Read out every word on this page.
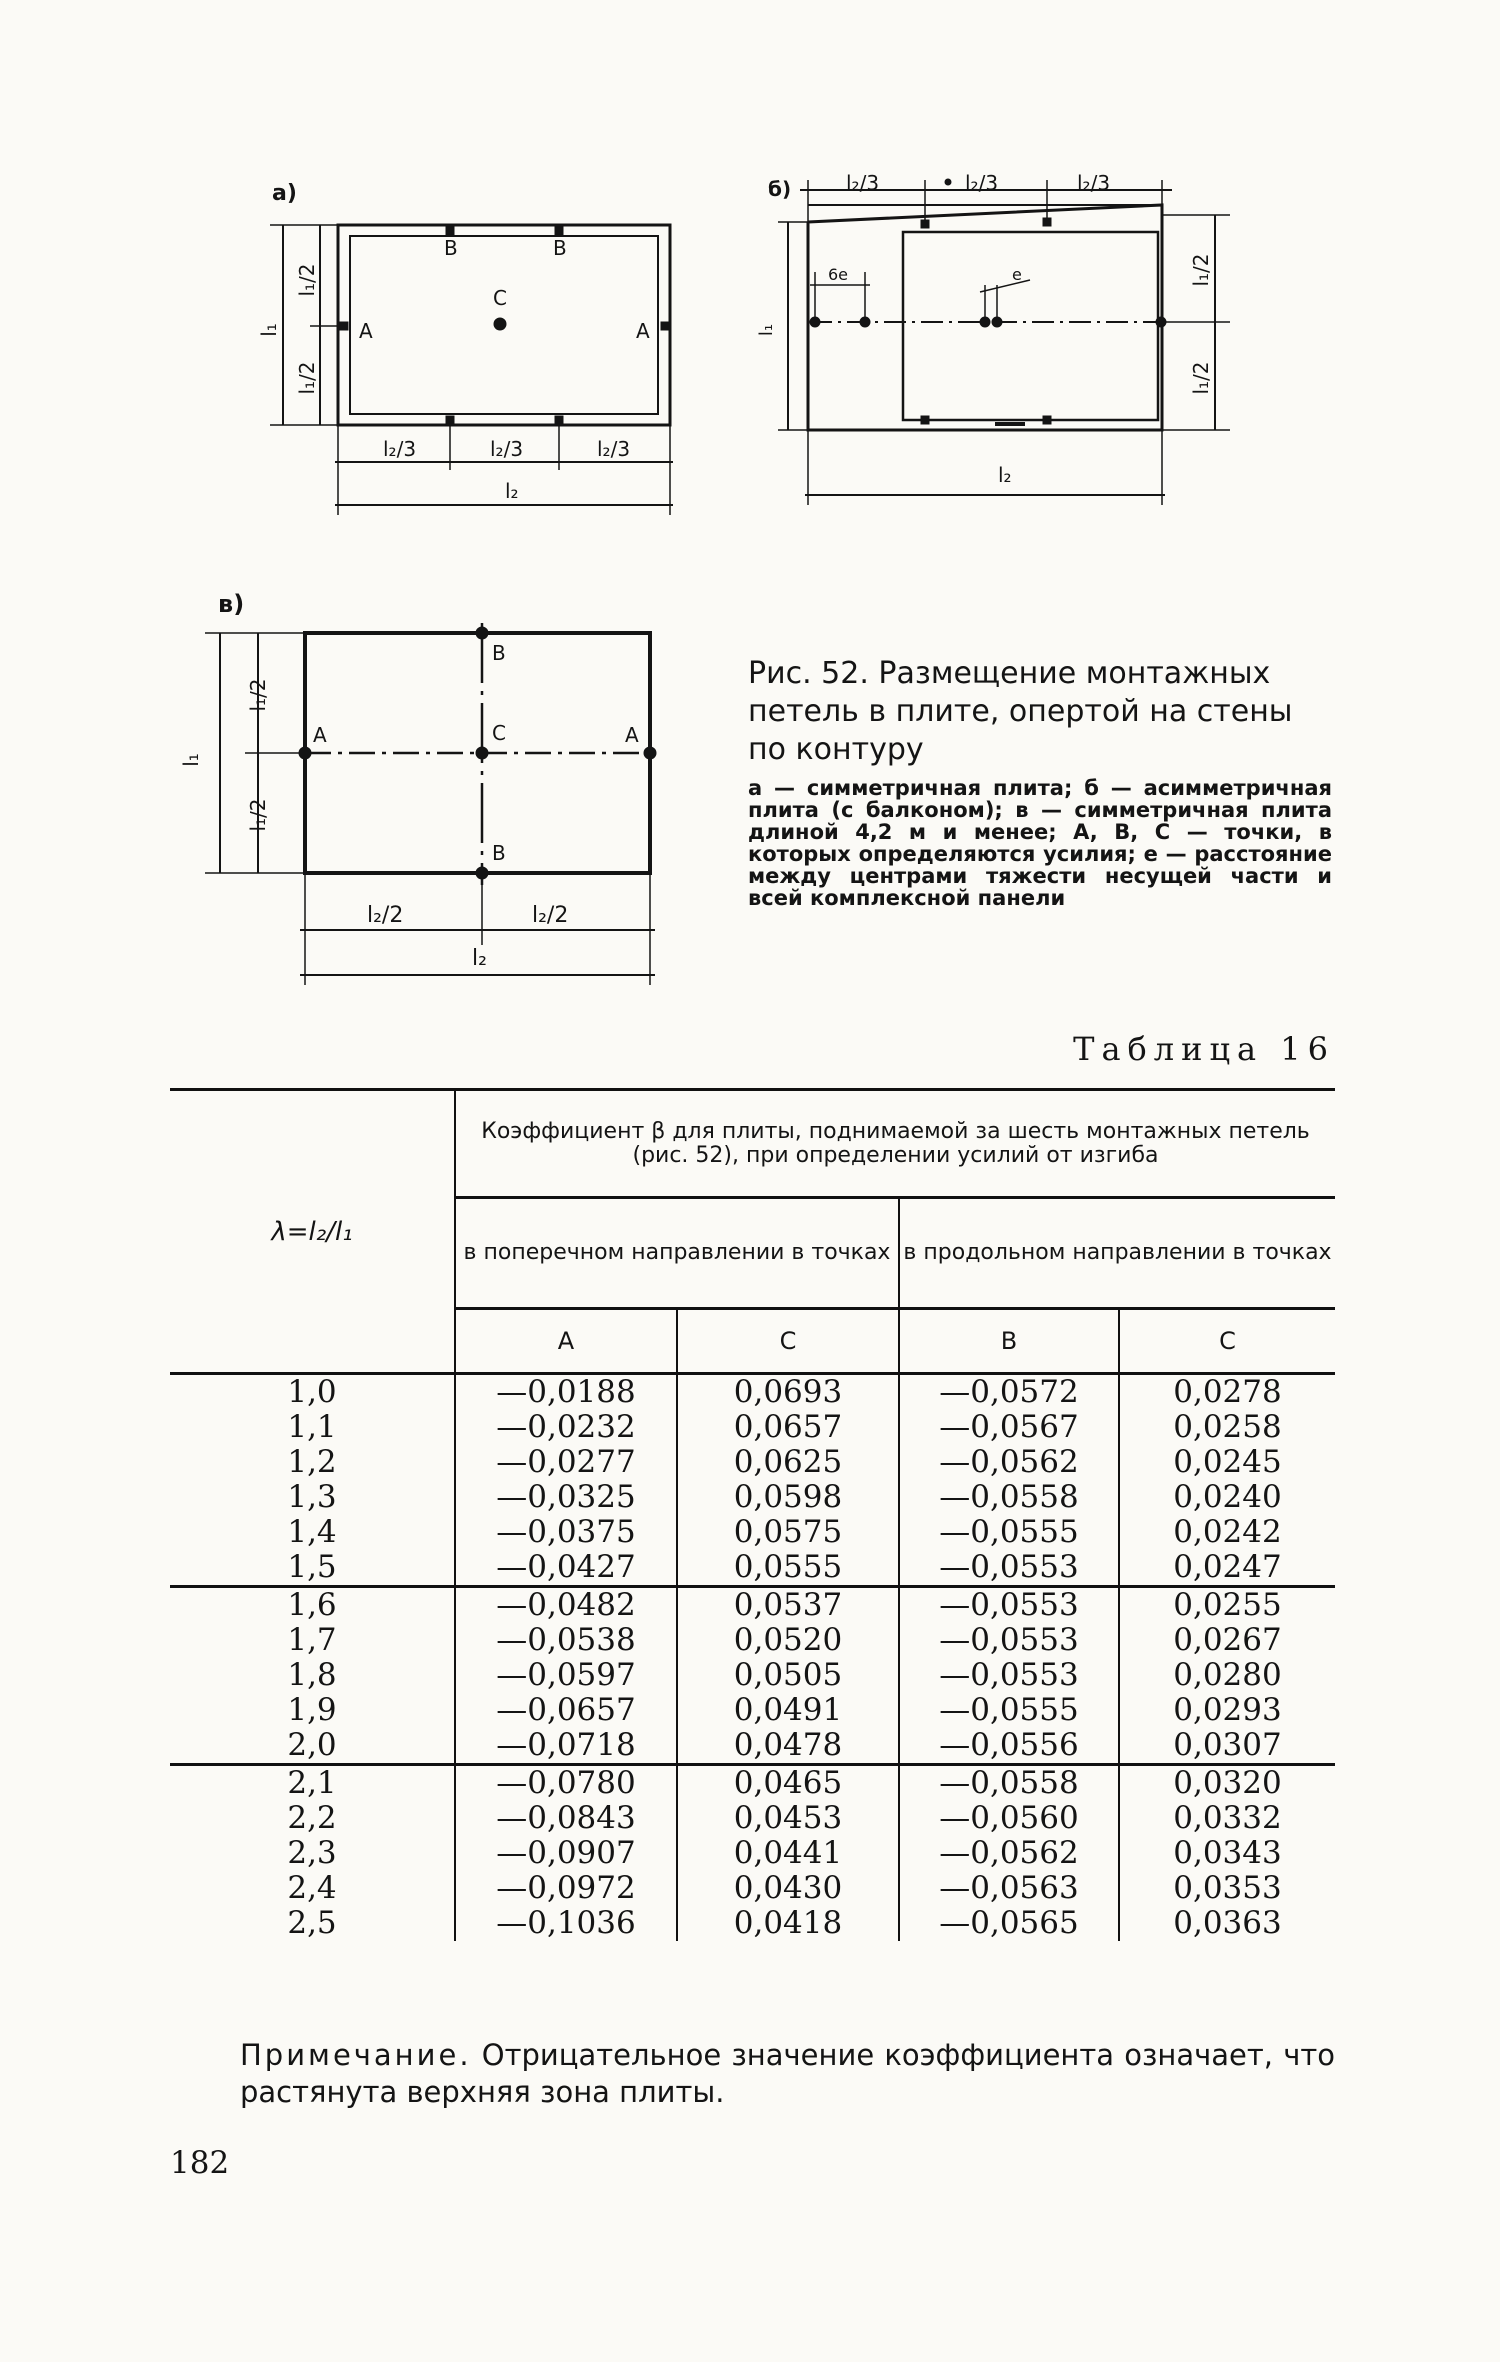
а)
B	B
C
A	A
l₁/2
l₁/2
l₁
l₂/3	l₂/3	l₂/3
l₂
б)
6e	e
l₂/3	l₂/3	l₂/3
l₁
l₁/2
l₁/2
l₂
в)
B
C
B
A	A
l₁/2
l₁/2
l₁
l₂/2	l₂/2
l₂

Рис. 52. Размещение монтажных петель в плите, опертой на стены по контуру

а — симметричная плита; б — асимметричная плита (с балконом); в — симметричная плита длиной 4,2 м и менее; A, B, C — точки, в которых определяются усилия; е — расстояние между центрами тяжести несущей части и всей комплексной панели
Таблица 16
λ=l₂/l₁	Коэффициент β для плиты, поднимаемой за шесть монтажных петель (рис. 52), при определении усилий от изгиба			
	в поперечном направлении в точках		в продольном направлении в точках	
	A	C	B	C
1,0	—0,0188	0,0693	—0,0572	0,0278
1,1	—0,0232	0,0657	—0,0567	0,0258
1,2	—0,0277	0,0625	—0,0562	0,0245
1,3	—0,0325	0,0598	—0,0558	0,0240
1,4	—0,0375	0,0575	—0,0555	0,0242
1,5	—0,0427	0,0555	—0,0553	0,0247
1,6	—0,0482	0,0537	—0,0553	0,0255
1,7	—0,0538	0,0520	—0,0553	0,0267
1,8	—0,0597	0,0505	—0,0553	0,0280
1,9	—0,0657	0,0491	—0,0555	0,0293
2,0	—0,0718	0,0478	—0,0556	0,0307
2,1	—0,0780	0,0465	—0,0558	0,0320
2,2	—0,0843	0,0453	—0,0560	0,0332
2,3	—0,0907	0,0441	—0,0562	0,0343
2,4	—0,0972	0,0430	—0,0563	0,0353
2,5	—0,1036	0,0418	—0,0565	0,0363
Примечание. Отрицательное значение коэффициента означает, что растянута верхняя зона плиты.
182
